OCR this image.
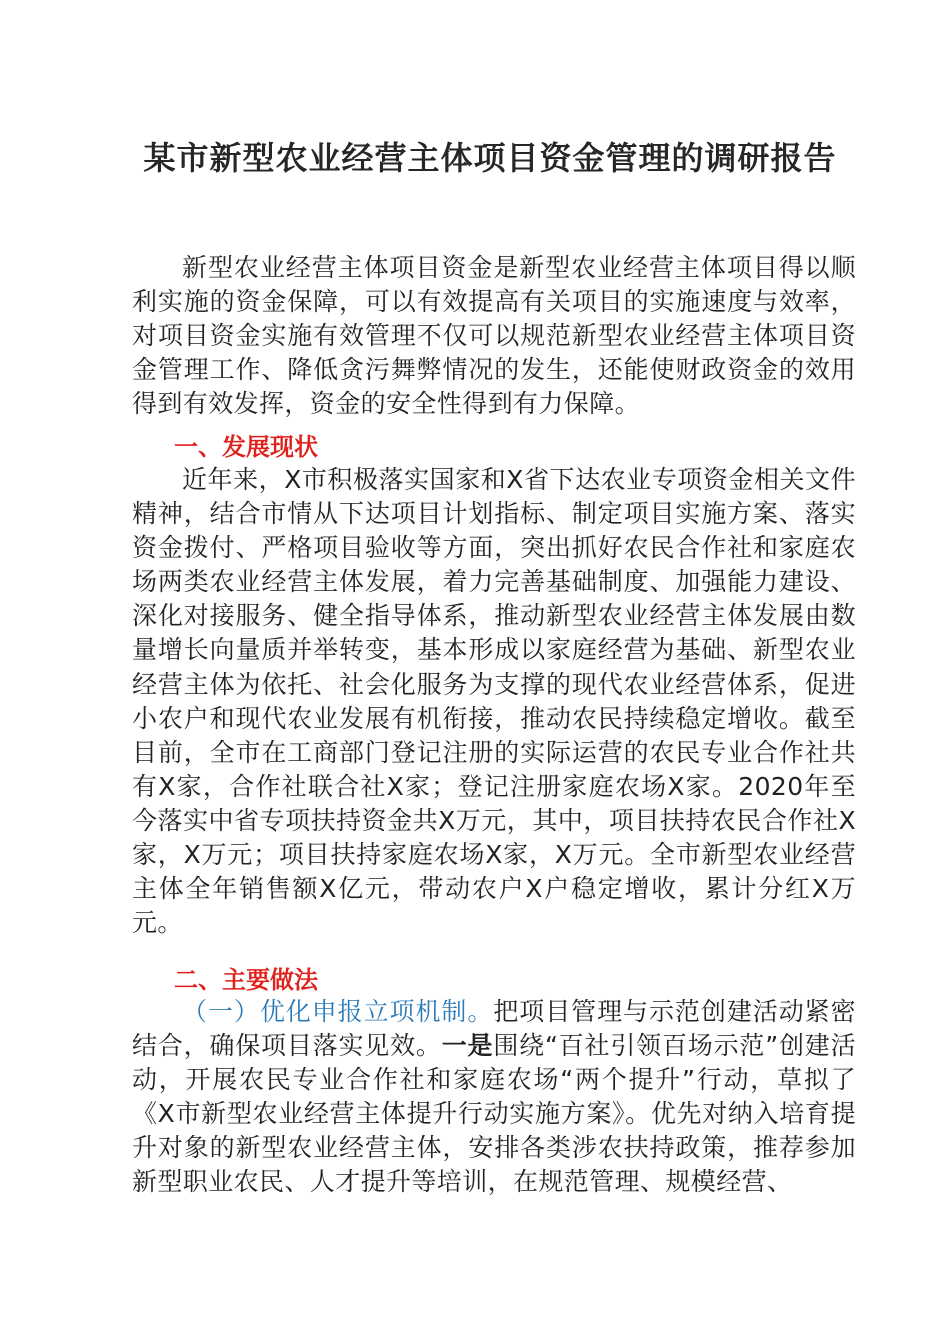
某市新型农业经营主体项目资金管理的调研报告
新型农业经营主体项目资金是新型农业经营主体项目得以顺利实施的资金保障，可以有效提高有关项目的实施速度与效率，对项目资金实施有效管理不仅可以规范新型农业经营主体项目资金管理工作、降低贪污舞弊情况的发生，还能使财政资金的效用得到有效发挥，资金的安全性得到有力保障。
一、发展现状
近年来，X市积极落实国家和X省下达农业专项资金相关文件精神，结合市情从下达项目计划指标、制定项目实施方案、落实资金拨付、严格项目验收等方面，突出抓好农民合作社和家庭农场两类农业经营主体发展，着力完善基础制度、加强能力建设、深化对接服务、健全指导体系，推动新型农业经营主体发展由数量增长向量质并举转变，基本形成以家庭经营为基础、新型农业经营主体为依托、社会化服务为支撑的现代农业经营体系，促进小农户和现代农业发展有机衔接，推动农民持续稳定增收。截至目前，全市在工商部门登记注册的实际运营的农民专业合作社共有X家，合作社联合社X家；登记注册家庭农场X家。2020年至今落实中省专项扶持资金共X万元，其中，项目扶持农民合作社X家，X万元；项目扶持家庭农场X家，X万元。全市新型农业经营主体全年销售额X亿元，带动农户X户稳定增收，累计分红X万元。
二、主要做法
（一）优化申报立项机制。把项目管理与示范创建活动紧密结合，确保项目落实见效。一是围绕“百社引领百场示范”创建活动，开展农民专业合作社和家庭农场“两个提升”行动，草拟了《X市新型农业经营主体提升行动实施方案》。优先对纳入培育提升对象的新型农业经营主体，安排各类涉农扶持政策，推荐参加新型职业农民、人才提升等培训，在规范管理、规模经营、
